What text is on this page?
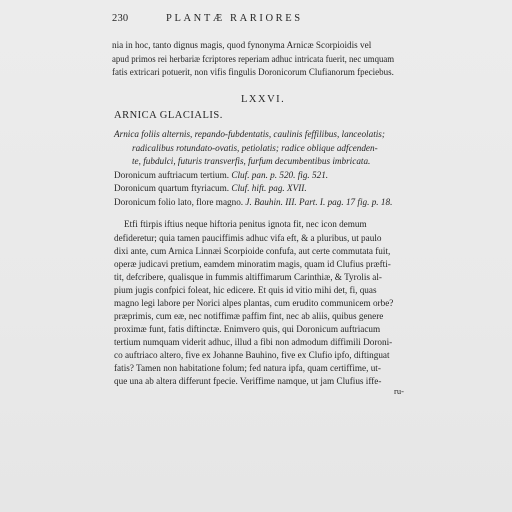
230	PLANTÆ RARIORES
nia in hoc, tanto dignus magis, quod fynonyma Arnicæ Scorpioidis vel
apud primos rei herbariæ fcriptores reperiam adhuc intricata fuerit, nec umquam
fatis extricari potuerit, non vifis fingulis Doronicorum Clufianorum fpeciebus.
LXXVI.
ARNICA GLACIALIS.
Arnica foliis alternis, repando-fubdentatis, caulinis feffilibus, lanceolatis;
radicalibus rotundato-ovatis, petiolatis; radice oblique adfcenden-
te, fubdulci, futuris transverfis, furfum decumbentibus imbricata.
Doronicum auftriacum tertium. Cluf. pan. p. 520. fig. 521.
Doronicum quartum ftyriacum. Cluf. hift. pag. XVII.
Doronicum folio lato, flore magno. J. Bauhin. III. Part. I. pag. 17 fig. p. 18.
Etfi ftirpis iftius neque hiftoria penitus ignota fit, nec icon demum
defideretur; quia tamen pauciffimis adhuc vifa eft, & a pluribus, ut paulo
dixi ante, cum Arnica Linnæi Scorpioide confufa, aut certe commutata fuit,
operæ judicavi pretium, eamdem minoratim magis, quam id Clufius præfti-
tit, defcribere, qualisque in fummis altiffimarum Carinthiæ, & Tyrolis al-
pium jugis confpici foleat, hic edicere. Et quis id vitio mihi det, fi, quas
magno legi labore per Norici alpes plantas, cum erudito communicem orbe?
præprimis, cum eæ, nec notiffimæ paffim fint, nec ab aliis, quibus genere
proximæ funt, fatis diftinctæ. Enimvero quis, qui Doronicum auftriacum
tertium numquam viderit adhuc, illud a fibi non admodum diffimili Doroni-
co auftriaco altero, five ex Johanne Bauhino, five ex Clufio ipfo, diftinguat
fatis? Tamen non habitatione folum; fed natura ipfa, quam certiffime, ut-
que una ab altera differunt fpecie. Veriffime namque, ut jam Clufius iffe-
ru-
